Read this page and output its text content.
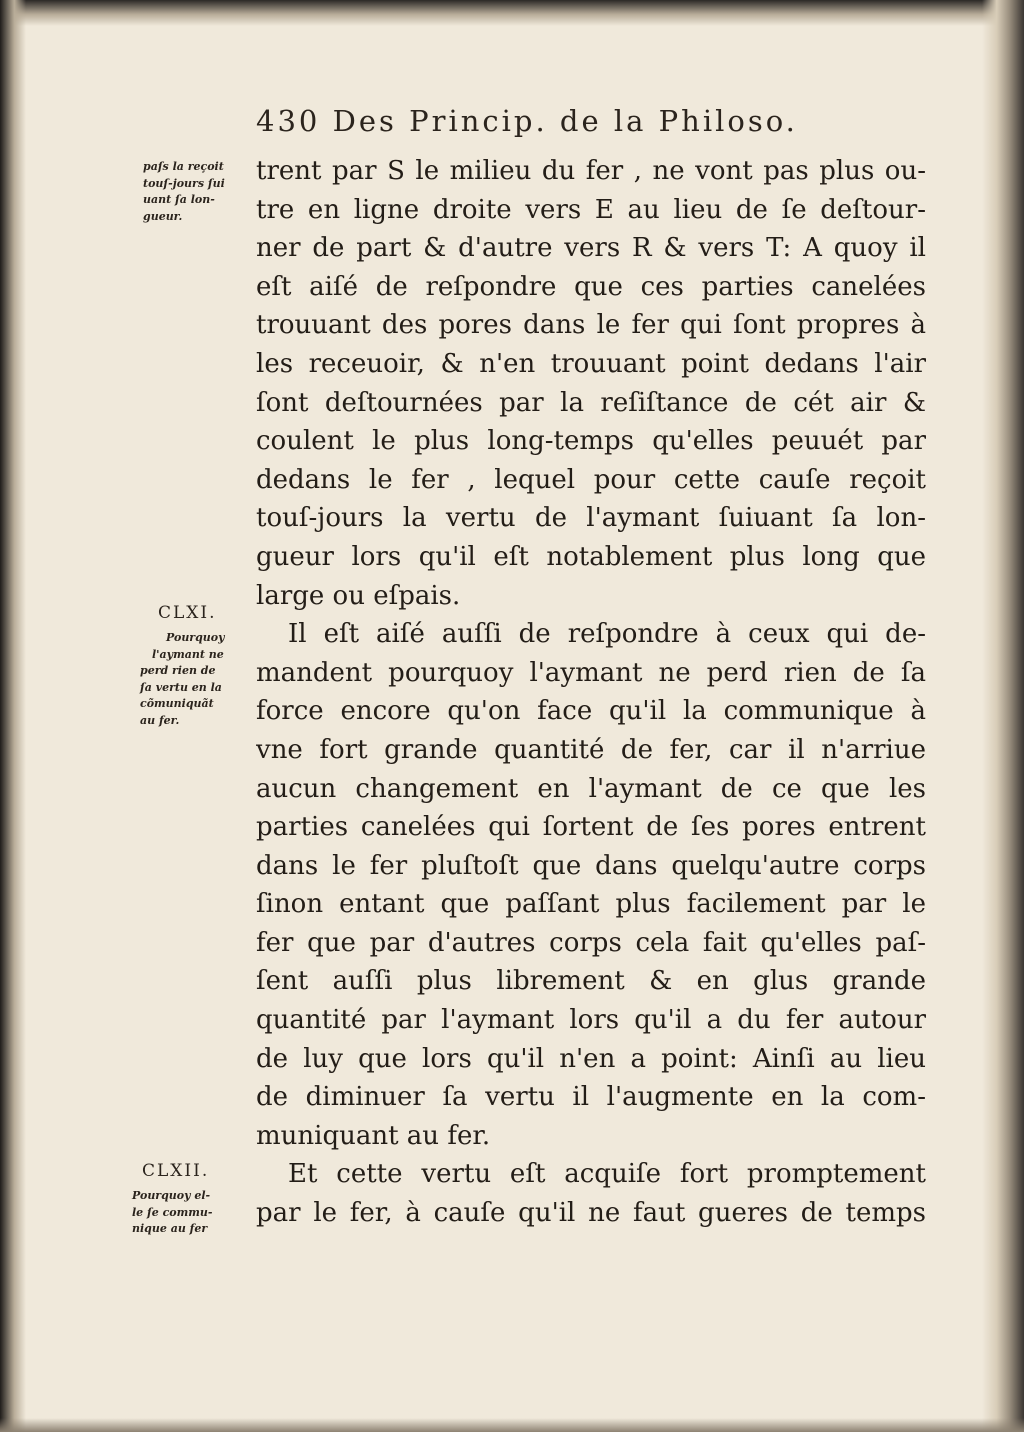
430 Des Princip. de la Philoso.
paſs la reçoit
touſ-jours ſui
uant ſa lon-
gueur.
CLXI.
Pourquoy
l'aymant ne
perd rien de
ſa vertu en la
cõmuniquãt
au fer.
CLXII.
Pourquoy el-
le ſe commu-
nique au fer
trent par S le milieu du fer , ne vont pas plus ou-
tre en ligne droite vers E au lieu de ſe deſtour-
ner de part & d'autre vers R & vers T: A quoy il
eſt aiſé de reſpondre que ces parties canelées
trouuant des pores dans le fer qui ſont propres à
les receuoir, & n'en trouuant point dedans l'air
ſont deſtournées par la reſiſtance de cét air &
coulent le plus long-temps qu'elles peuuét par
dedans le fer , lequel pour cette cauſe reçoit
touſ-jours la vertu de l'aymant ſuiuant ſa lon-
gueur lors qu'il eſt notablement plus long que
large ou eſpais.
Il eſt aiſé auſſi de reſpondre à ceux qui de-
mandent pourquoy l'aymant ne perd rien de ſa
force encore qu'on face qu'il la communique à
vne fort grande quantité de fer, car il n'arriue
aucun changement en l'aymant de ce que les
parties canelées qui ſortent de ſes pores entrent
dans le fer pluſtoſt que dans quelqu'autre corps
ſinon entant que paſſant plus facilement par le
fer que par d'autres corps cela fait qu'elles paſ-
ſent auſſi plus librement & en glus grande
quantité par l'aymant lors qu'il a du fer autour
de luy que lors qu'il n'en a point: Ainſi au lieu
de diminuer ſa vertu il l'augmente en la com-
muniquant au fer.
Et cette vertu eſt acquiſe fort promptement
par le fer, à cauſe qu'il ne faut gueres de temps
